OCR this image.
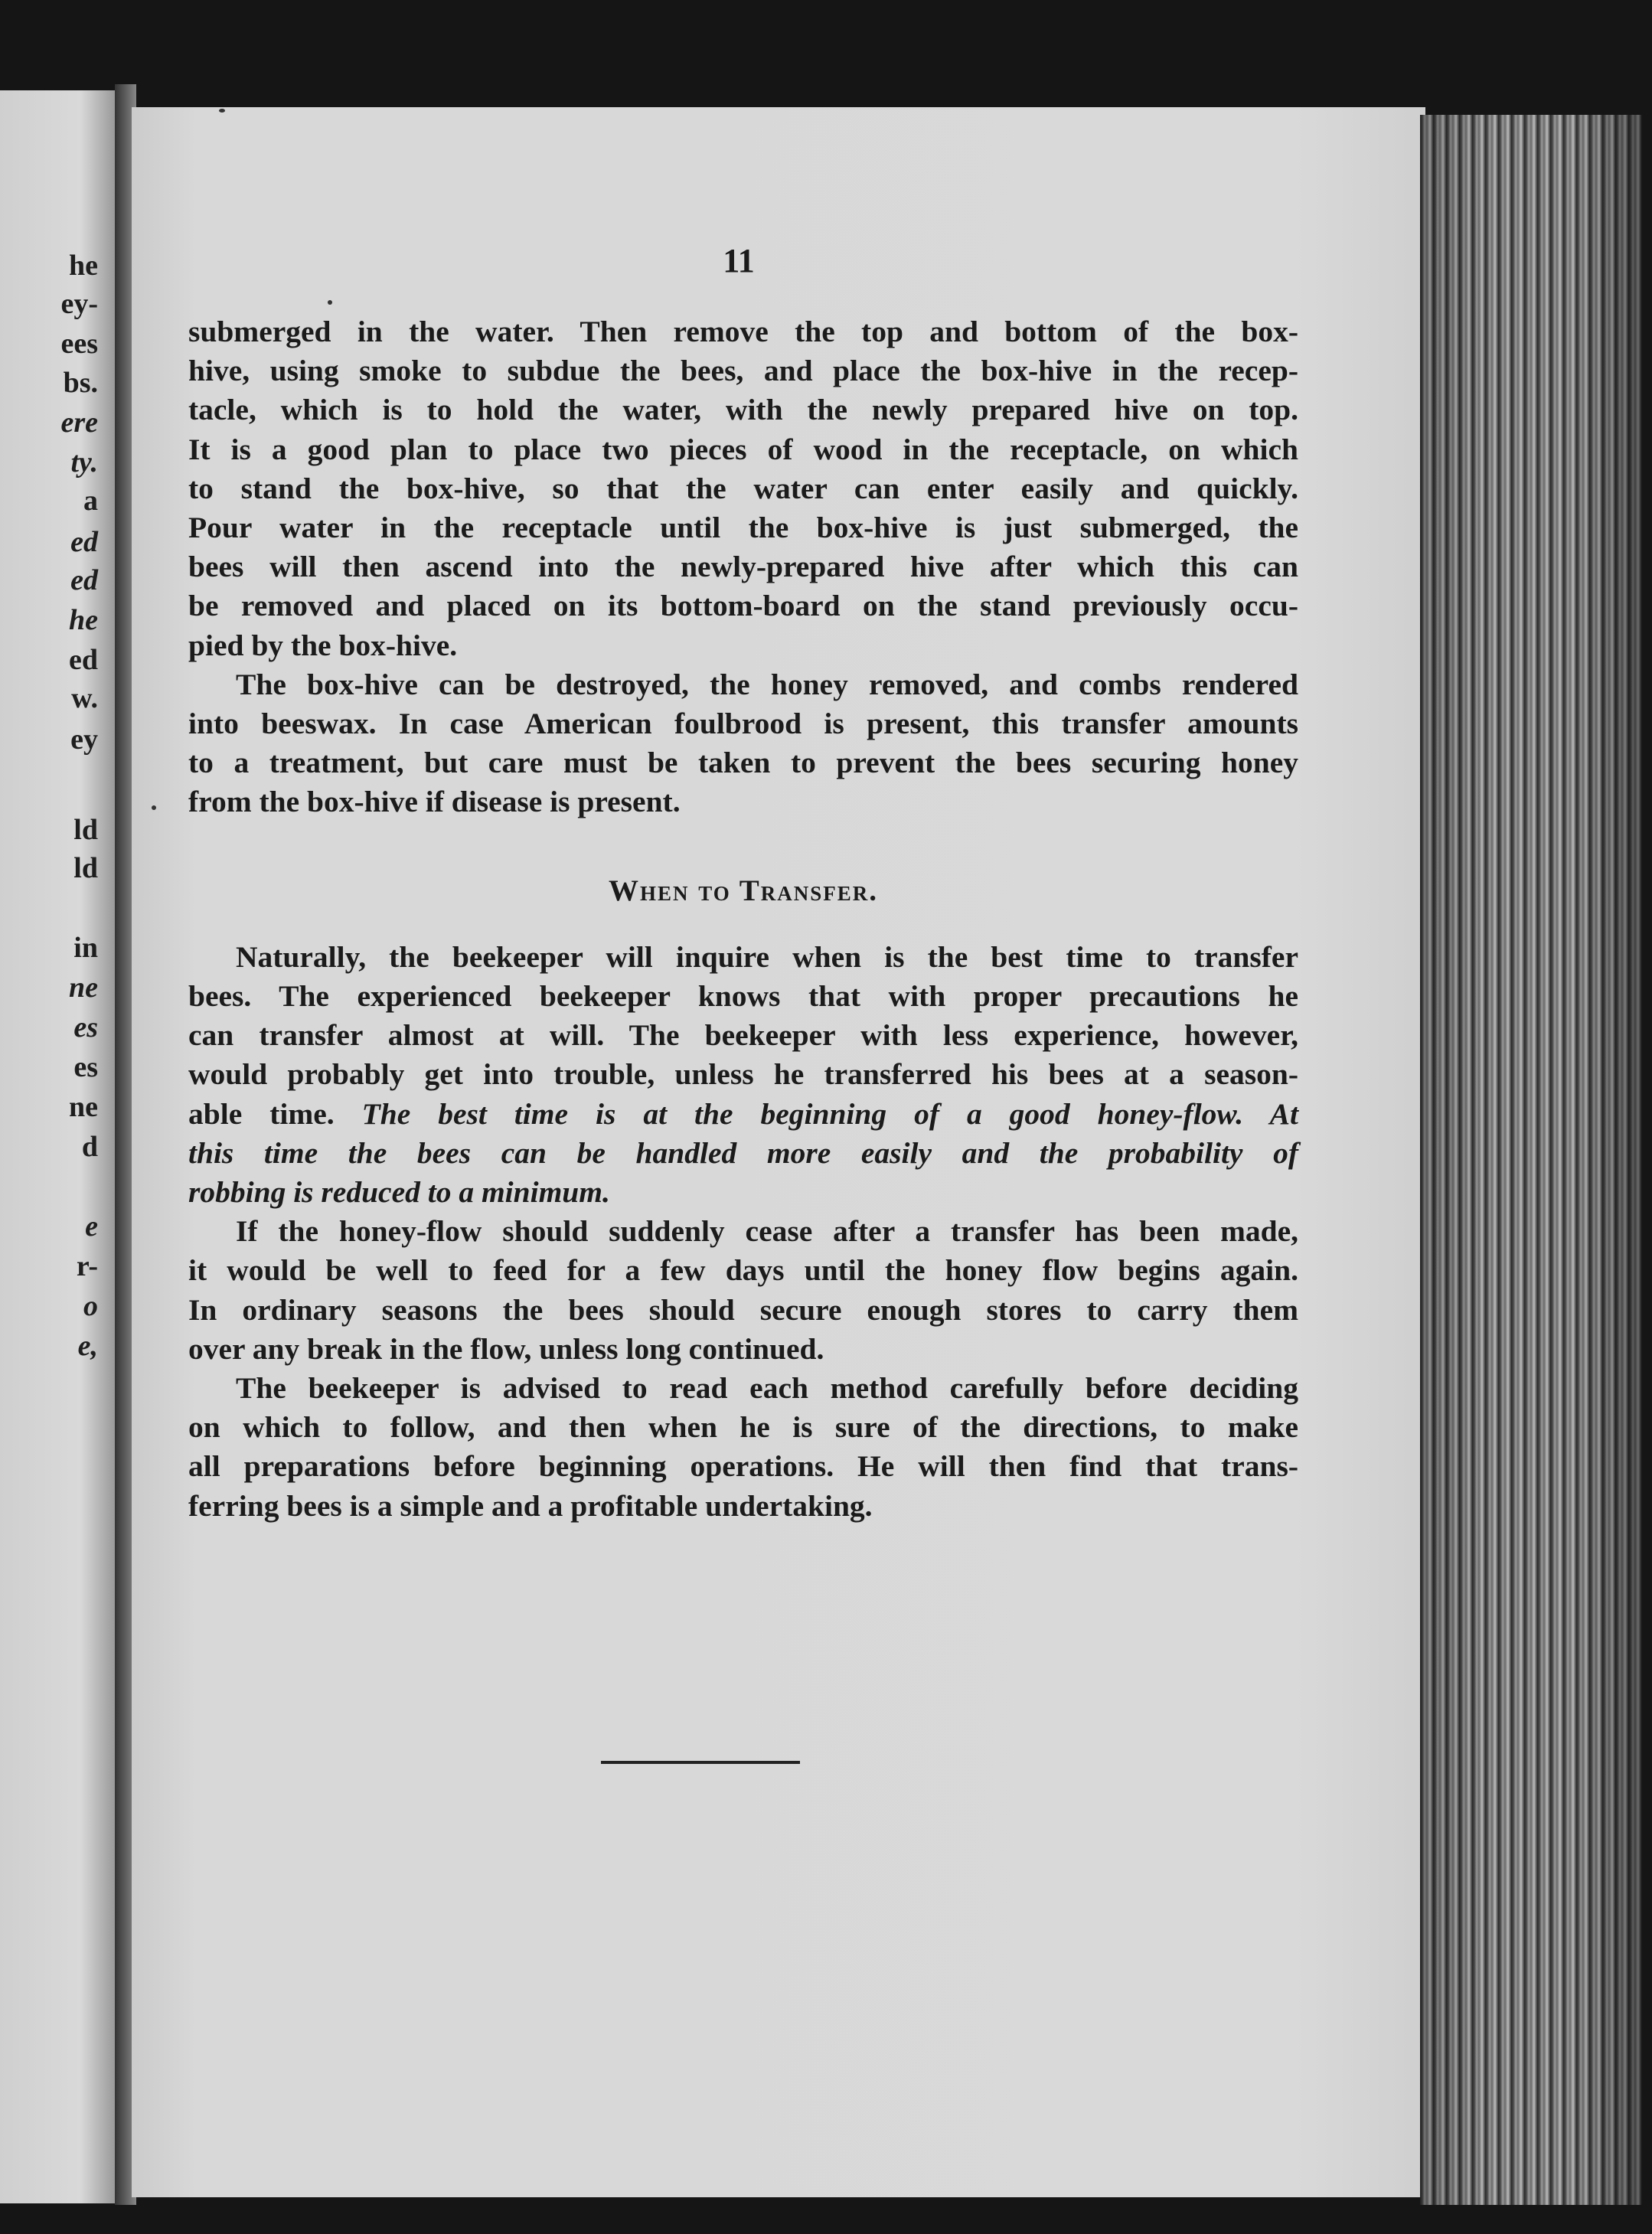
he
ey-
ees
bs.
ere
ty.
a
ed
ed
he
ed
w.
ey
ld
ld
in
ne
es
es
ne
d
e
r-
o
e,
11

submerged in the water. Then remove the top and bottom of the box-
hive, using smoke to subdue the bees, and place the box-hive in the recep-
tacle, which is to hold the water, with the newly prepared hive on top.
It is a good plan to place two pieces of wood in the receptacle, on which
to stand the box-hive, so that the water can enter easily and quickly.
Pour water in the receptacle until the box-hive is just submerged, the
bees will then ascend into the newly-prepared hive after which this can
be removed and placed on its bottom-board on the stand previously occu-
pied by the box-hive.

The box-hive can be destroyed, the honey removed, and combs rendered
into beeswax. In case American foulbrood is present, this transfer amounts
to a treatment, but care must be taken to prevent the bees securing honey
from the box-hive if disease is present.

When to Transfer.

Naturally, the beekeeper will inquire when is the best time to transfer
bees. The experienced beekeeper knows that with proper precautions he
can transfer almost at will. The beekeeper with less experience, however,
would probably get into trouble, unless he transferred his bees at a season-
able time. The best time is at the beginning of a good honey-flow. At
this time the bees can be handled more easily and the probability of
robbing is reduced to a minimum.

If the honey-flow should suddenly cease after a transfer has been made,
it would be well to feed for a few days until the honey flow begins again.
In ordinary seasons the bees should secure enough stores to carry them
over any break in the flow, unless long continued.

The beekeeper is advised to read each method carefully before deciding
on which to follow, and then when he is sure of the directions, to make
all preparations before beginning operations. He will then find that trans-
ferring bees is a simple and a profitable undertaking.
